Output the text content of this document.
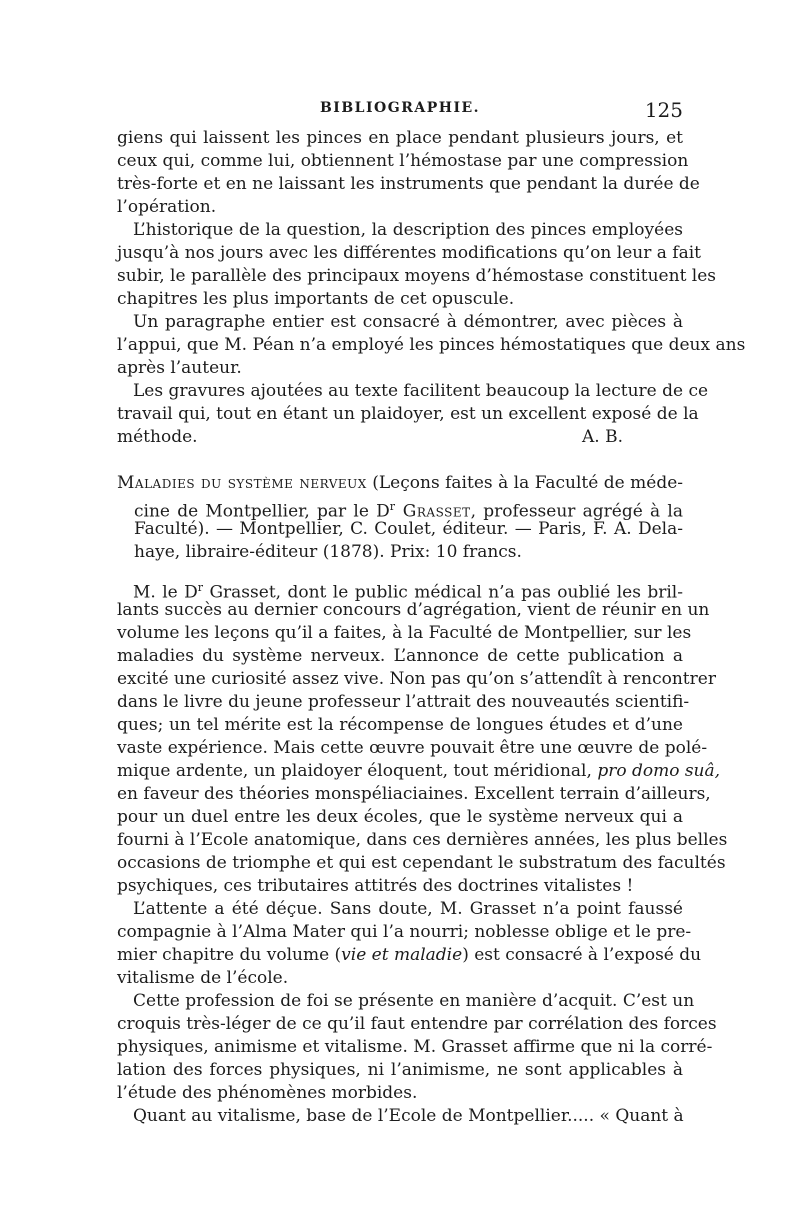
BIBLIOGRAPHIE.	125

giens qui laissent les pinces en place pendant plusieurs jours, et
ceux qui, comme lui, obtiennent l’hémostase par une compression
très-forte et en ne laissant les instruments que pendant la durée de
l’opération.

L’historique de la question, la description des pinces employées
jusqu’à nos jours avec les différentes modifications qu’on leur a fait
subir, le parallèle des principaux moyens d’hémostase constituent les
chapitres les plus importants de cet opuscule.

Un paragraphe entier est consacré à démontrer, avec pièces à
l’appui, que M. Péan n’a employé les pinces hémostatiques que deux ans
après l’auteur.

Les gravures ajoutées au texte facilitent beaucoup la lecture de ce
travail qui, tout en étant un plaidoyer, est un excellent exposé de la
méthode.	A. B.

Maladies du système nerveux (Leçons faites à la Faculté de méde-
cine de Montpellier, par le $D^r$ Grasset, professeur agrégé à la
Faculté). — Montpellier, C. Coulet, éditeur. — Paris, F. A. Dela-
haye, libraire-éditeur (1878). Prix: 10 francs.

M. le $D^r$ Grasset, dont le public médical n’a pas oublié les bril-
lants succès au dernier concours d’agrégation, vient de réunir en un
volume les leçons qu’il a faites, à la Faculté de Montpellier, sur les
maladies du système nerveux. L’annonce de cette publication a
excité une curiosité assez vive. Non pas qu’on s’attendît à rencontrer
dans le livre du jeune professeur l’attrait des nouveautés scientifi-
ques; un tel mérite est la récompense de longues études et d’une
vaste expérience. Mais cette œuvre pouvait être une œuvre de polé-
mique ardente, un plaidoyer éloquent, tout méridional, pro domo suâ,
en faveur des théories monspéliaciaines. Excellent terrain d’ailleurs,
pour un duel entre les deux écoles, que le système nerveux qui a
fourni à l’Ecole anatomique, dans ces dernières années, les plus belles
occasions de triomphe et qui est cependant le substratum des facultés
psychiques, ces tributaires attitrés des doctrines vitalistes !

L’attente a été déçue. Sans doute, M. Grasset n’a point faussé
compagnie à l’Alma Mater qui l’a nourri; noblesse oblige et le pre-
mier chapitre du volume (vie et maladie) est consacré à l’exposé du
vitalisme de l’école.

Cette profession de foi se présente en manière d’acquit. C’est un
croquis très-léger de ce qu’il faut entendre par corrélation des forces
physiques, animisme et vitalisme. M. Grasset affirme que ni la corré-
lation des forces physiques, ni l’animisme, ne sont applicables à
l’étude des phénomènes morbides.

Quant au vitalisme, base de l’Ecole de Montpellier..... « Quant à
